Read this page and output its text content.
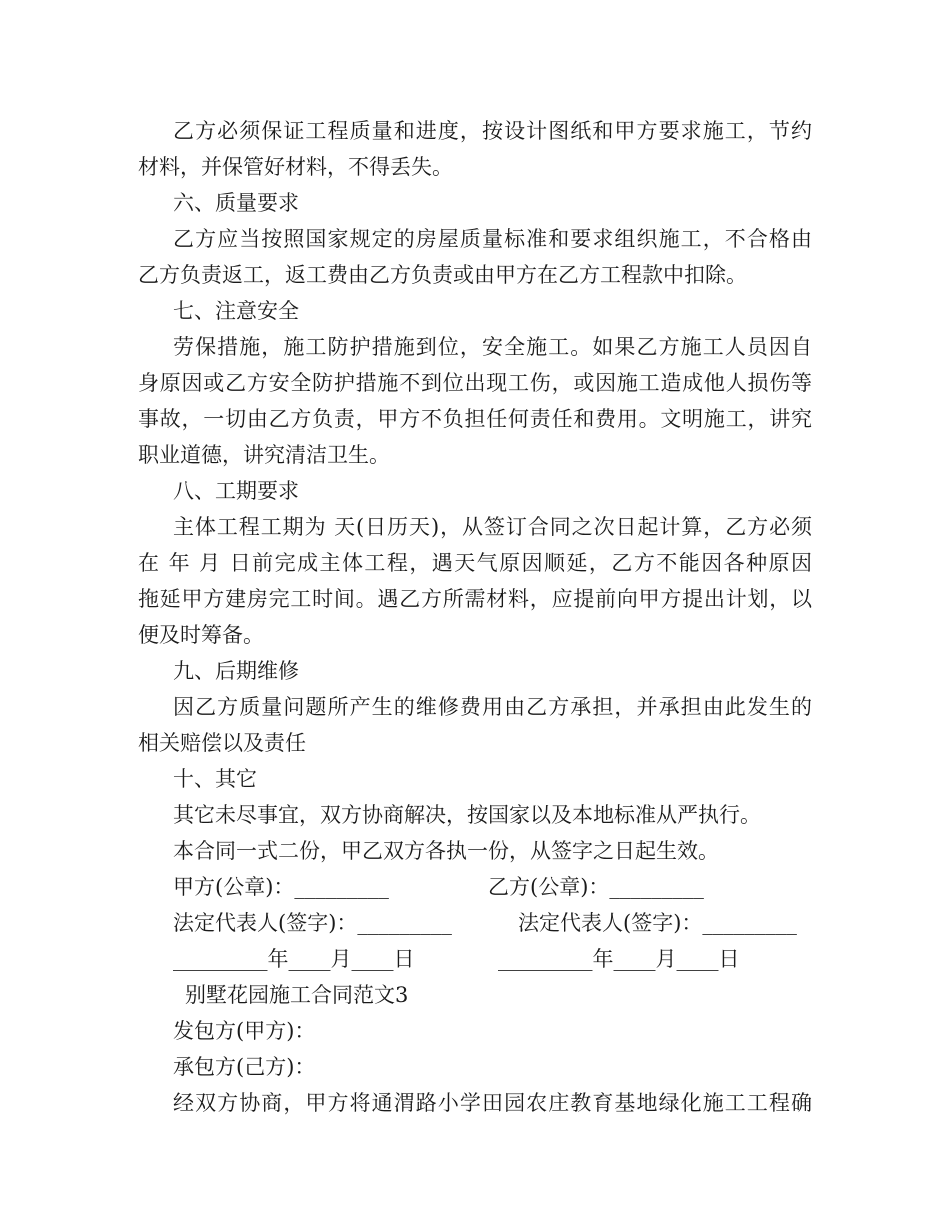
乙方必须保证工程质量和进度，按设计图纸和甲方要求施工，节约

材料，并保管好材料，不得丢失。

六、质量要求

乙方应当按照国家规定的房屋质量标准和要求组织施工，不合格由

乙方负责返工，返工费由乙方负责或由甲方在乙方工程款中扣除。

七、注意安全

劳保措施，施工防护措施到位，安全施工。如果乙方施工人员因自

身原因或乙方安全防护措施不到位出现工伤，或因施工造成他人损伤等

事故，一切由乙方负责，甲方不负担任何责任和费用。文明施工，讲究

职业道德，讲究清洁卫生。

八、工期要求

主体工程工期为 天(日历天)，从签订合同之次日起计算，乙方必须

在 年 月 日前完成主体工程，遇天气原因顺延，乙方不能因各种原因

拖延甲方建房完工时间。遇乙方所需材料，应提前向甲方提出计划，以

便及时筹备。

九、后期维修

因乙方质量问题所产生的维修费用由乙方承担，并承担由此发生的

相关赔偿以及责任

十、其它

其它未尽事宜，双方协商解决，按国家以及本地标准从严执行。

本合同一式二份，甲乙双方各执一份，从签字之日起生效。

甲方(公章)：_________	乙方(公章)：_________

法定代表人(签字)：_________	法定代表人(签字)：_________

_________年____月____日	_________年____月____日

别墅花园施工合同范文3

发包方(甲方)：

承包方(己方)：

经双方协商，甲方将通渭路小学田园农庄教育基地绿化施工工程确
